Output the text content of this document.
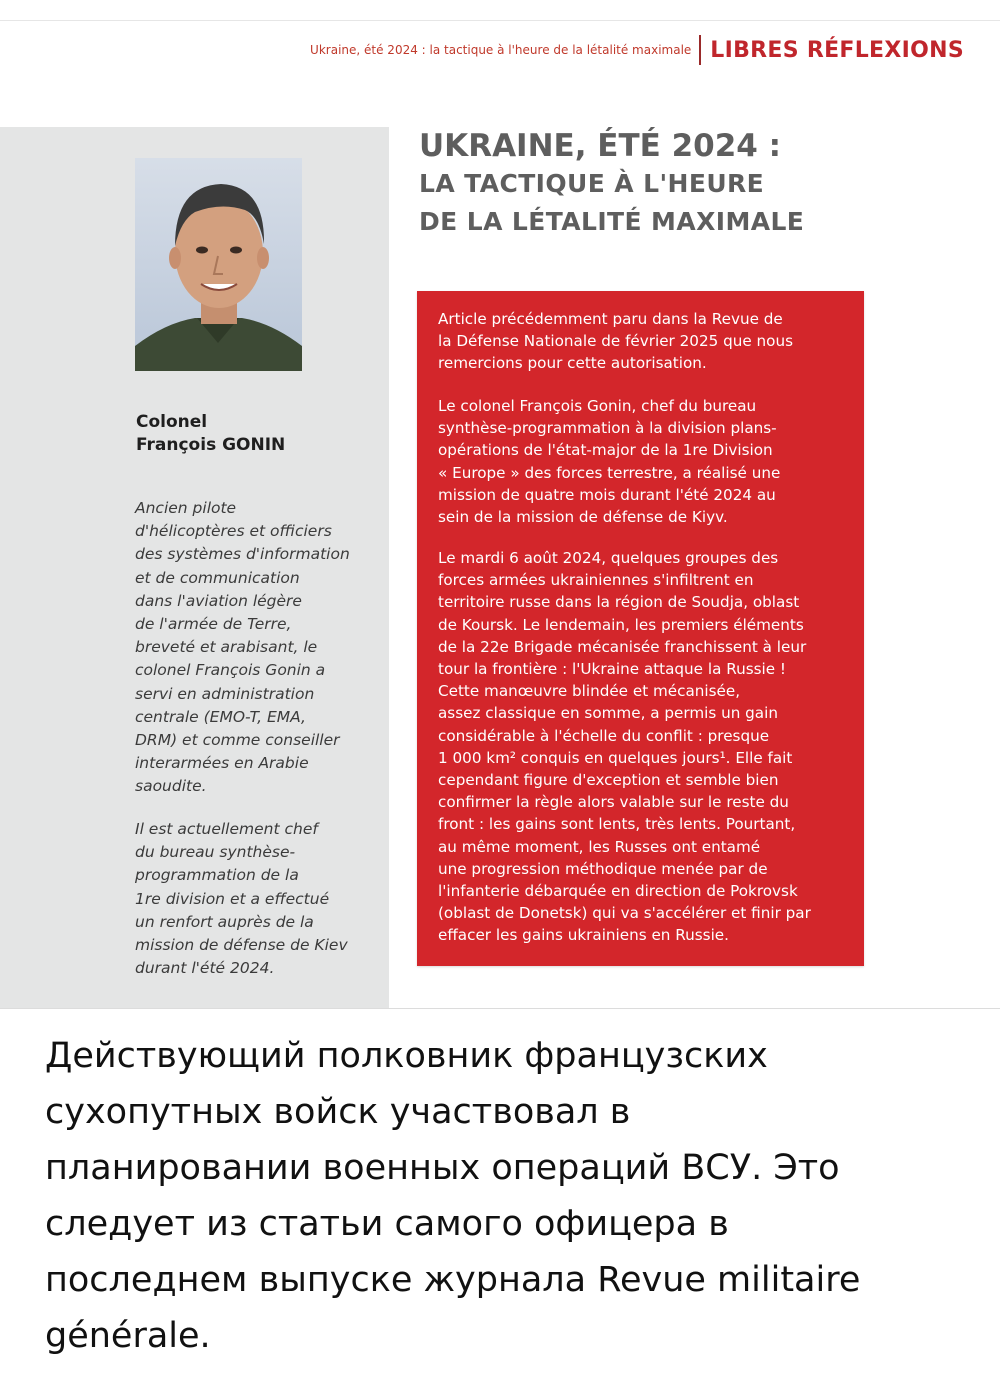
Ukraine, été 2024 : la tactique à l'heure de la létalité maximale LIBRES RÉFLEXIONS
Colonel
François GONIN

Ancien pilote
d'hélicoptères et officiers
des systèmes d'information
et de communication
dans l'aviation légère
de l'armée de Terre,
breveté et arabisant, le
colonel François Gonin a
servi en administration
centrale (EMO-T, EMA,
DRM) et comme conseiller
interarmées en Arabie
saoudite.

Il est actuellement chef
du bureau synthèse-
programmation de la
1re division et a effectué
un renfort auprès de la
mission de défense de Kiev
durant l'été 2024.

UKRAINE, ÉTÉ 2024 :
LA TACTIQUE À L'HEURE
DE LA LÉTALITÉ MAXIMALE

Article précédemment paru dans la Revue de
la Défense Nationale de février 2025 que nous
remercions pour cette autorisation.

Le colonel François Gonin, chef du bureau
synthèse-programmation à la division plans-
opérations de l'état-major de la 1re Division
« Europe » des forces terrestre, a réalisé une
mission de quatre mois durant l'été 2024 au
sein de la mission de défense de Kiyv.

Le mardi 6 août 2024, quelques groupes des
forces armées ukrainiennes s'infiltrent en
territoire russe dans la région de Soudja, oblast
de Koursk. Le lendemain, les premiers éléments
de la 22e Brigade mécanisée franchissent à leur
tour la frontière : l'Ukraine attaque la Russie !
Cette manœuvre blindée et mécanisée,
assez classique en somme, a permis un gain
considérable à l'échelle du conflit : presque
1 000 km² conquis en quelques jours¹. Elle fait
cependant figure d'exception et semble bien
confirmer la règle alors valable sur le reste du
front : les gains sont lents, très lents. Pourtant,
au même moment, les Russes ont entamé
une progression méthodique menée par de
l'infanterie débarquée en direction de Pokrovsk
(oblast de Donetsk) qui va s'accélérer et finir par
effacer les gains ukrainiens en Russie.

Действующий полковник французских
сухопутных войск участвовал в
планировании военных операций ВСУ. Это
следует из статьи самого офицера в
последнем выпуске журнала Revue militaire
générale.
